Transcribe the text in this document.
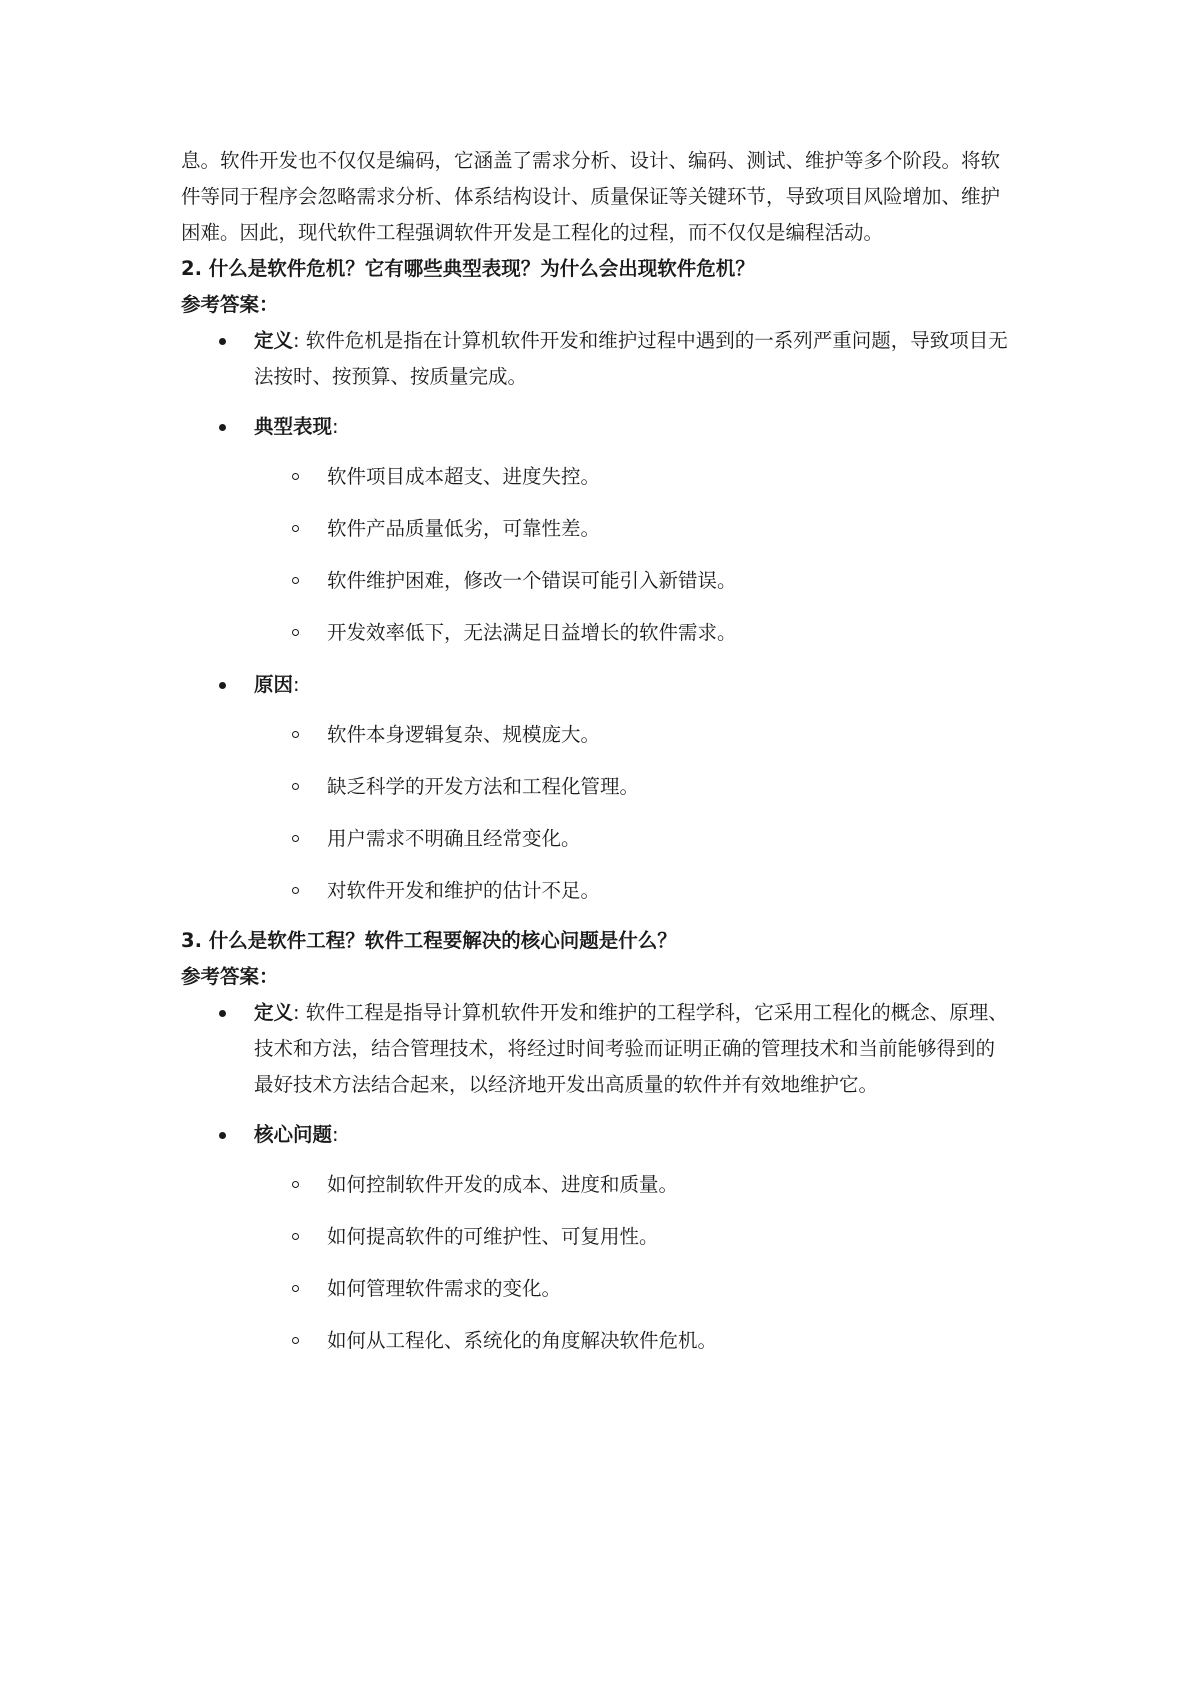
息。软件开发也不仅仅是编码，它涵盖了需求分析、设计、编码、测试、维护等多个阶段。将软件等同于程序会忽略需求分析、体系结构设计、质量保证等关键环节，导致项目风险增加、维护困难。因此，现代软件工程强调软件开发是工程化的过程，而不仅仅是编程活动。

2. 什么是软件危机？它有哪些典型表现？为什么会出现软件危机？

参考答案：

定义: 软件危机是指在计算机软件开发和维护过程中遇到的一系列严重问题，导致项目无法按时、按预算、按质量完成。
典型表现:
软件项目成本超支、进度失控。
软件产品质量低劣，可靠性差。
软件维护困难，修改一个错误可能引入新错误。
开发效率低下，无法满足日益增长的软件需求。
原因:
软件本身逻辑复杂、规模庞大。
缺乏科学的开发方法和工程化管理。
用户需求不明确且经常变化。
对软件开发和维护的估计不足。

3. 什么是软件工程？软件工程要解决的核心问题是什么？

参考答案：

定义: 软件工程是指导计算机软件开发和维护的工程学科，它采用工程化的概念、原理、技术和方法，结合管理技术，将经过时间考验而证明正确的管理技术和当前能够得到的最好技术方法结合起来，以经济地开发出高质量的软件并有效地维护它。
核心问题:
如何控制软件开发的成本、进度和质量。
如何提高软件的可维护性、可复用性。
如何管理软件需求的变化。
如何从工程化、系统化的角度解决软件危机。
